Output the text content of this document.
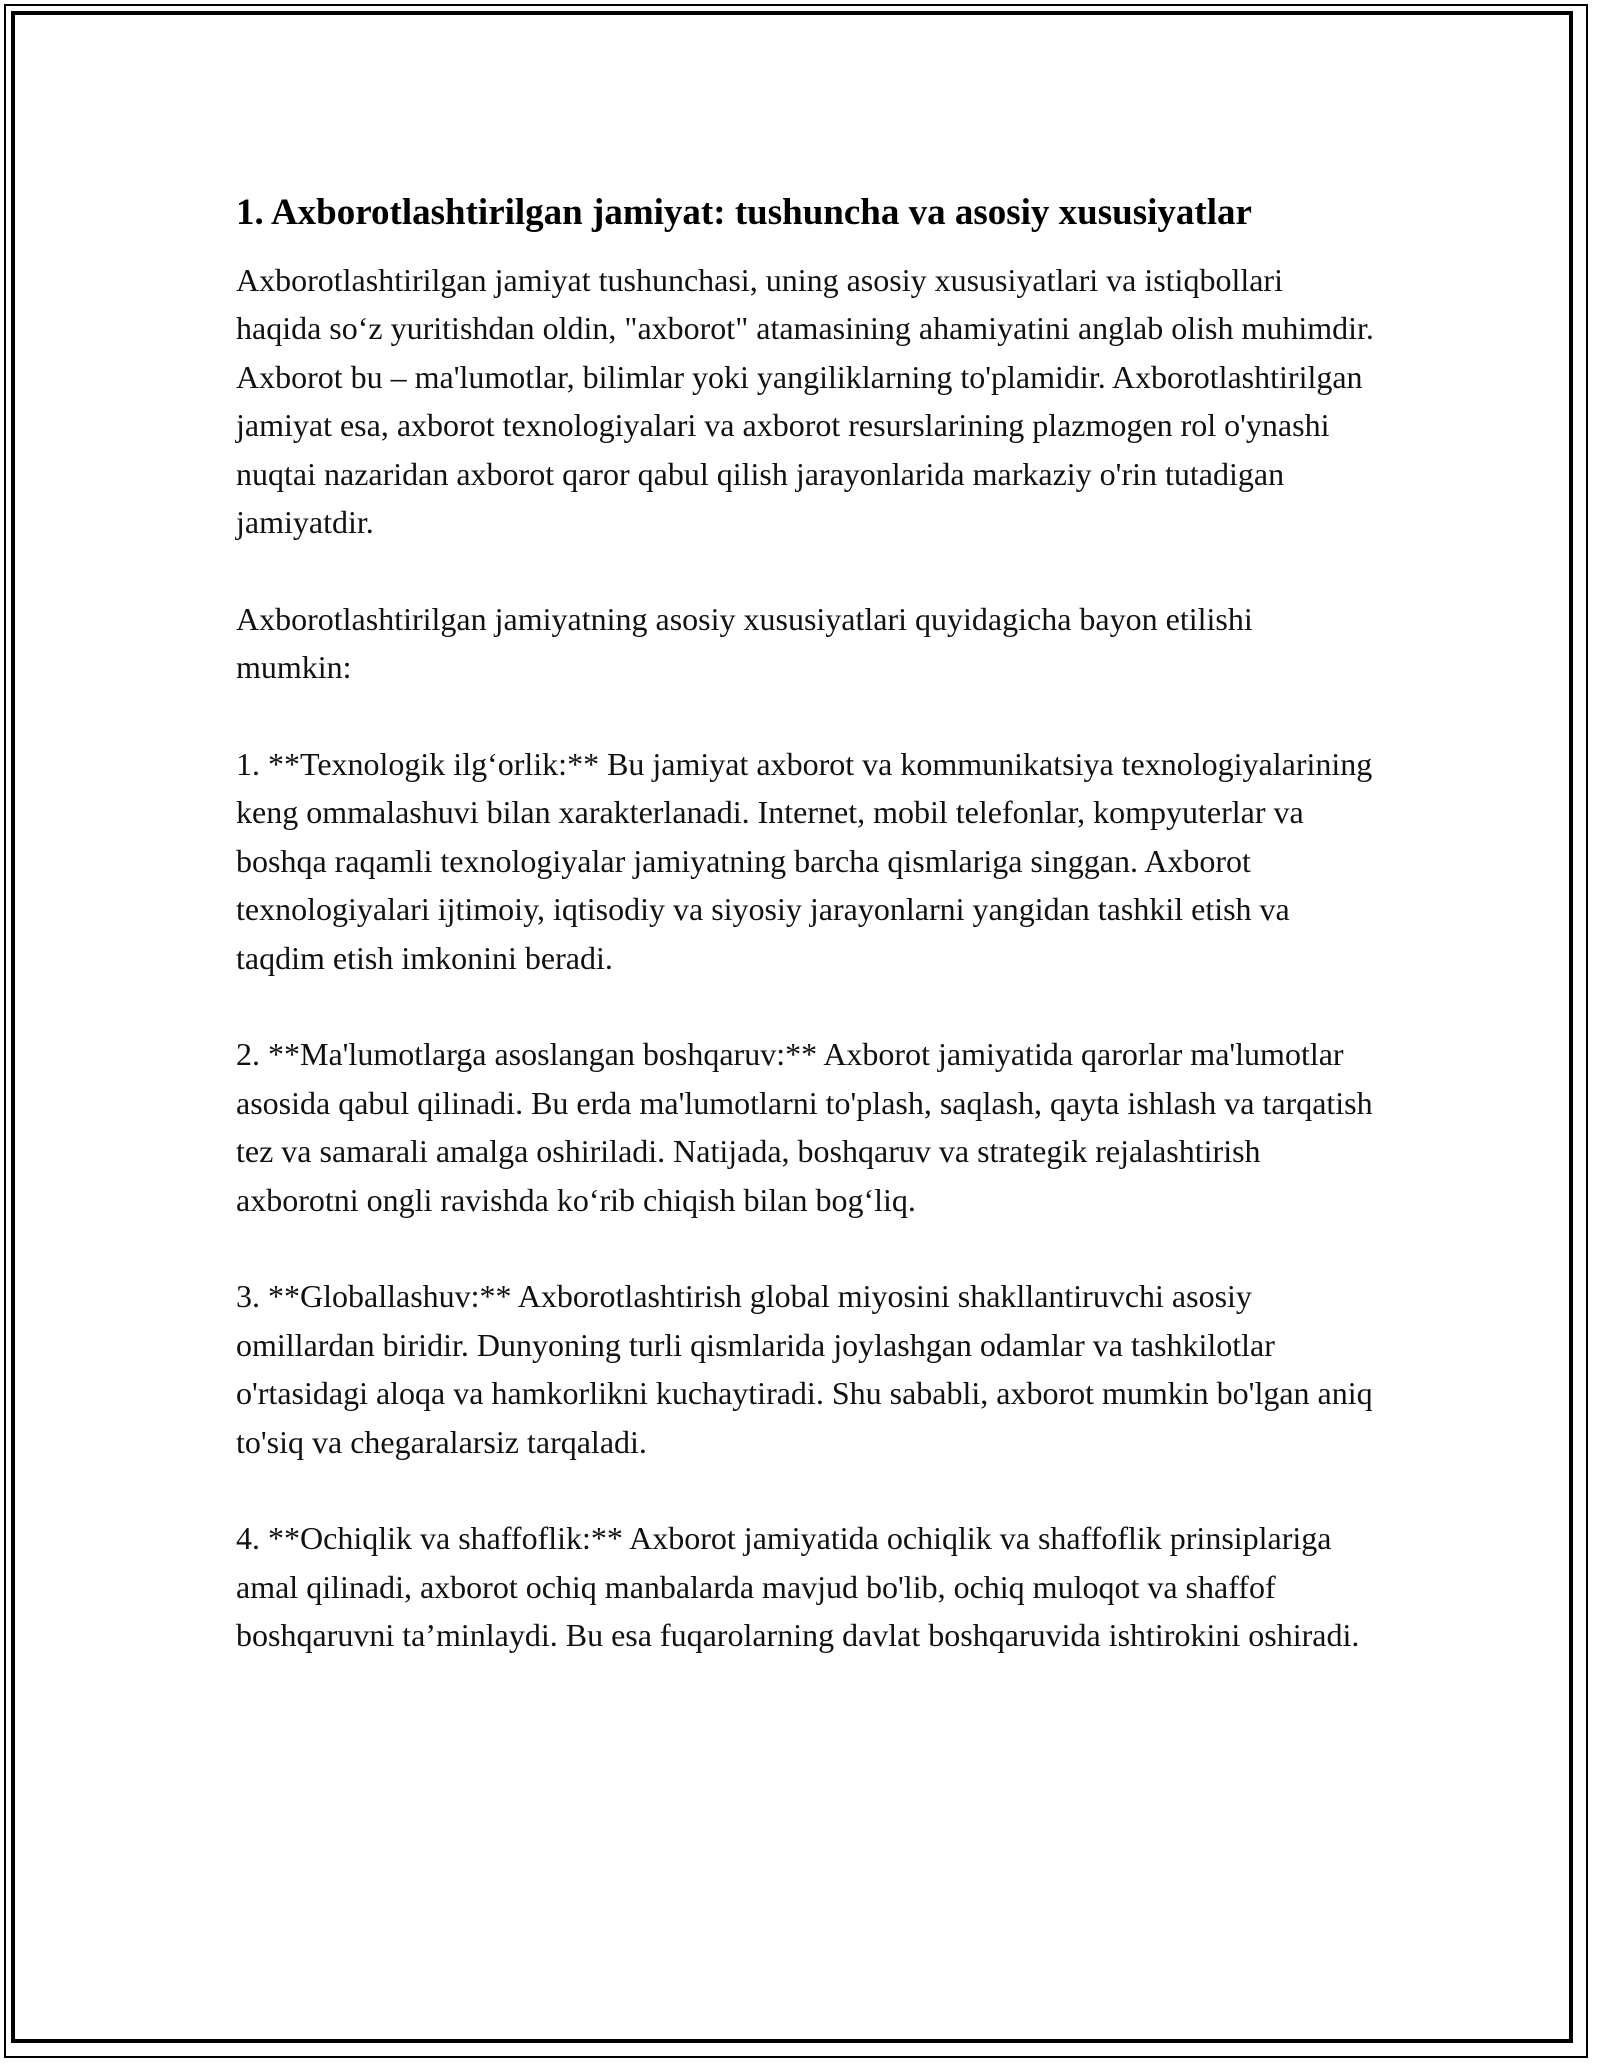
1. Axborotlashtirilgan jamiyat: tushuncha va asosiy xususiyatlar

Axborotlashtirilgan jamiyat tushunchasi, uning asosiy xususiyatlari va istiqbollari haqida so‘z yuritishdan oldin, "axborot" atamasining ahamiyatini anglab olish muhimdir. Axborot bu – ma'lumotlar, bilimlar yoki yangiliklarning to'plamidir. Axborotlashtirilgan jamiyat esa, axborot texnologiyalari va axborot resurslarining plazmogen rol o'ynashi nuqtai nazaridan axborot qaror qabul qilish jarayonlarida markaziy o'rin tutadigan jamiyatdir.

Axborotlashtirilgan jamiyatning asosiy xususiyatlari quyidagicha bayon etilishi mumkin:

1. **Texnologik ilg‘orlik:** Bu jamiyat axborot va kommunikatsiya texnologiyalarining keng ommalashuvi bilan xarakterlanadi. Internet, mobil telefonlar, kompyuterlar va boshqa raqamli texnologiyalar jamiyatning barcha qismlariga singgan. Axborot texnologiyalari ijtimoiy, iqtisodiy va siyosiy jarayonlarni yangidan tashkil etish va taqdim etish imkonini beradi.

2. **Ma'lumotlarga asoslangan boshqaruv:** Axborot jamiyatida qarorlar ma'lumotlar asosida qabul qilinadi. Bu erda ma'lumotlarni to'plash, saqlash, qayta ishlash va tarqatish tez va samarali amalga oshiriladi. Natijada, boshqaruv va strategik rejalashtirish axborotni ongli ravishda ko‘rib chiqish bilan bog‘liq.

3. **Globallashuv:** Axborotlashtirish global miyosini shakllantiruvchi asosiy omillardan biridir. Dunyoning turli qismlarida joylashgan odamlar va tashkilotlar o'rtasidagi aloqa va hamkorlikni kuchaytiradi. Shu sababli, axborot mumkin bo'lgan aniq to'siq va chegaralarsiz tarqaladi.

4. **Ochiqlik va shaffoflik:** Axborot jamiyatida ochiqlik va shaffoflik prinsiplariga amal qilinadi, axborot ochiq manbalarda mavjud bo'lib, ochiq muloqot va shaffof boshqaruvni ta’minlaydi. Bu esa fuqarolarning davlat boshqaruvida ishtirokini oshiradi.
